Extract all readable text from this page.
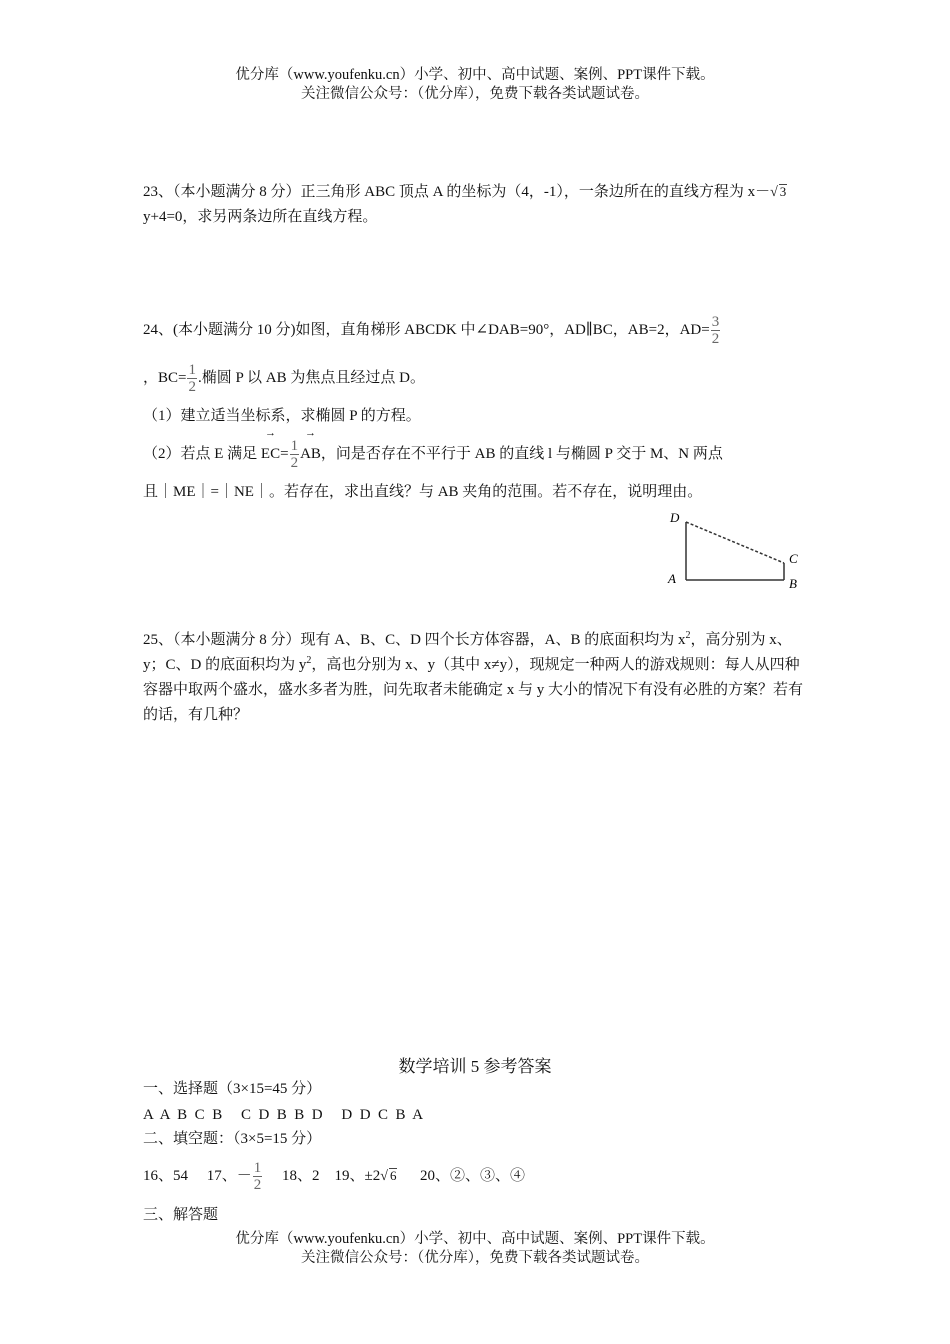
优分库（www.youfenku.cn）小学、初中、高中试题、案例、PPT课件下载。
关注微信公众号：（优分库），免费下载各类试题试卷。
23、（本小题满分 8 分）正三角形 ABC 顶点 A 的坐标为（4，-1），一条边所在的直线方程为 x－√ 3y+4=0，求另两条边所在直线方程。
24、(本小题满分 10 分)如图，直角梯形 ABCDK 中∠DAB=90°，AD∥BC，AB=2，$AD= \frac{3}{2}$
，$BC= \frac{1}{2}$ .椭圆 P 以 AB 为焦点且经过点 D。
（1）建立适当坐标系，求椭圆 P 的方程。
（2）若点 E 满足 → $EC= \frac{1}{2}$
→ AB，问是否存在不平行于 AB 的直线 l 与椭圆 P 交于 M、N 两点
且｜ME｜=｜NE｜。若存在，求出直线？与 AB 夹角的范围。若不存在，说明理由。
D
C
A	B
25、（本小题满分 8 分）现有 A、B、C、D 四个长方体容器，A、B 的底面积均为 $x^2$，高分别为 x、y；C、D 的底面积均为 $y^2$，高也分别为 x、y（其中 x≠y），现规定一种两人的游戏规则：每人从四种容器中取两个盛水，盛水多者为胜，问先取者未能确定 x 与 y 大小的情况下有没有必胜的方案？若有的话，有几种？
数学培训 5 参考答案
一、选择题（3×15=45 分）
A  A  B  C  B     C  D  B  B  D     D  D  C  B  A
二、填空题：（3×5=15 分）
16、54 17、－ $\frac{1}{2} 18$、2 19、±2√ 6 20、②、③、④
三、解答题
优分库（www.youfenku.cn）小学、初中、高中试题、案例、PPT课件下载。
关注微信公众号：（优分库），免费下载各类试题试卷。
